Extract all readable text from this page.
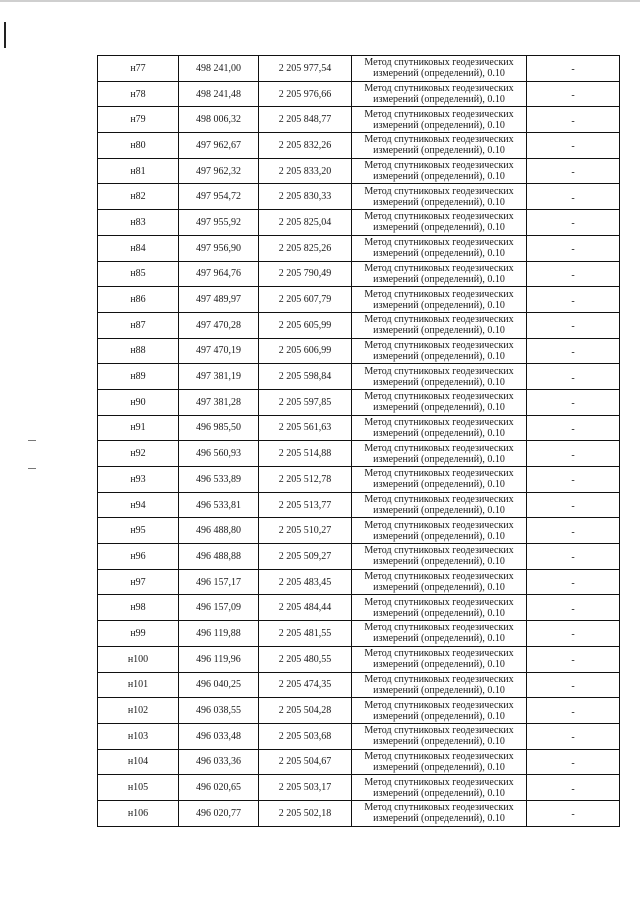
н77	498 241,00	2 205 977,54	Метод спутниковых геодезических
измерений (определений), 0.10	-
н78	498 241,48	2 205 976,66	Метод спутниковых геодезических
измерений (определений), 0.10	-
н79	498 006,32	2 205 848,77	Метод спутниковых геодезических
измерений (определений), 0.10	-
н80	497 962,67	2 205 832,26	Метод спутниковых геодезических
измерений (определений), 0.10	-
н81	497 962,32	2 205 833,20	Метод спутниковых геодезических
измерений (определений), 0.10	-
н82	497 954,72	2 205 830,33	Метод спутниковых геодезических
измерений (определений), 0.10	-
н83	497 955,92	2 205 825,04	Метод спутниковых геодезических
измерений (определений), 0.10	-
н84	497 956,90	2 205 825,26	Метод спутниковых геодезических
измерений (определений), 0.10	-
н85	497 964,76	2 205 790,49	Метод спутниковых геодезических
измерений (определений), 0.10	-
н86	497 489,97	2 205 607,79	Метод спутниковых геодезических
измерений (определений), 0.10	-
н87	497 470,28	2 205 605,99	Метод спутниковых геодезических
измерений (определений), 0.10	-
н88	497 470,19	2 205 606,99	Метод спутниковых геодезических
измерений (определений), 0.10	-
н89	497 381,19	2 205 598,84	Метод спутниковых геодезических
измерений (определений), 0.10	-
н90	497 381,28	2 205 597,85	Метод спутниковых геодезических
измерений (определений), 0.10	-
н91	496 985,50	2 205 561,63	Метод спутниковых геодезических
измерений (определений), 0.10	-
н92	496 560,93	2 205 514,88	Метод спутниковых геодезических
измерений (определений), 0.10	-
н93	496 533,89	2 205 512,78	Метод спутниковых геодезических
измерений (определений), 0.10	-
н94	496 533,81	2 205 513,77	Метод спутниковых геодезических
измерений (определений), 0.10	-
н95	496 488,80	2 205 510,27	Метод спутниковых геодезических
измерений (определений), 0.10	-
н96	496 488,88	2 205 509,27	Метод спутниковых геодезических
измерений (определений), 0.10	-
н97	496 157,17	2 205 483,45	Метод спутниковых геодезических
измерений (определений), 0.10	-
н98	496 157,09	2 205 484,44	Метод спутниковых геодезических
измерений (определений), 0.10	-
н99	496 119,88	2 205 481,55	Метод спутниковых геодезических
измерений (определений), 0.10	-
н100	496 119,96	2 205 480,55	Метод спутниковых геодезических
измерений (определений), 0.10	-
н101	496 040,25	2 205 474,35	Метод спутниковых геодезических
измерений (определений), 0.10	-
н102	496 038,55	2 205 504,28	Метод спутниковых геодезических
измерений (определений), 0.10	-
н103	496 033,48	2 205 503,68	Метод спутниковых геодезических
измерений (определений), 0.10	-
н104	496 033,36	2 205 504,67	Метод спутниковых геодезических
измерений (определений), 0.10	-
н105	496 020,65	2 205 503,17	Метод спутниковых геодезических
измерений (определений), 0.10	-
н106	496 020,77	2 205 502,18	Метод спутниковых геодезических
измерений (определений), 0.10	-
